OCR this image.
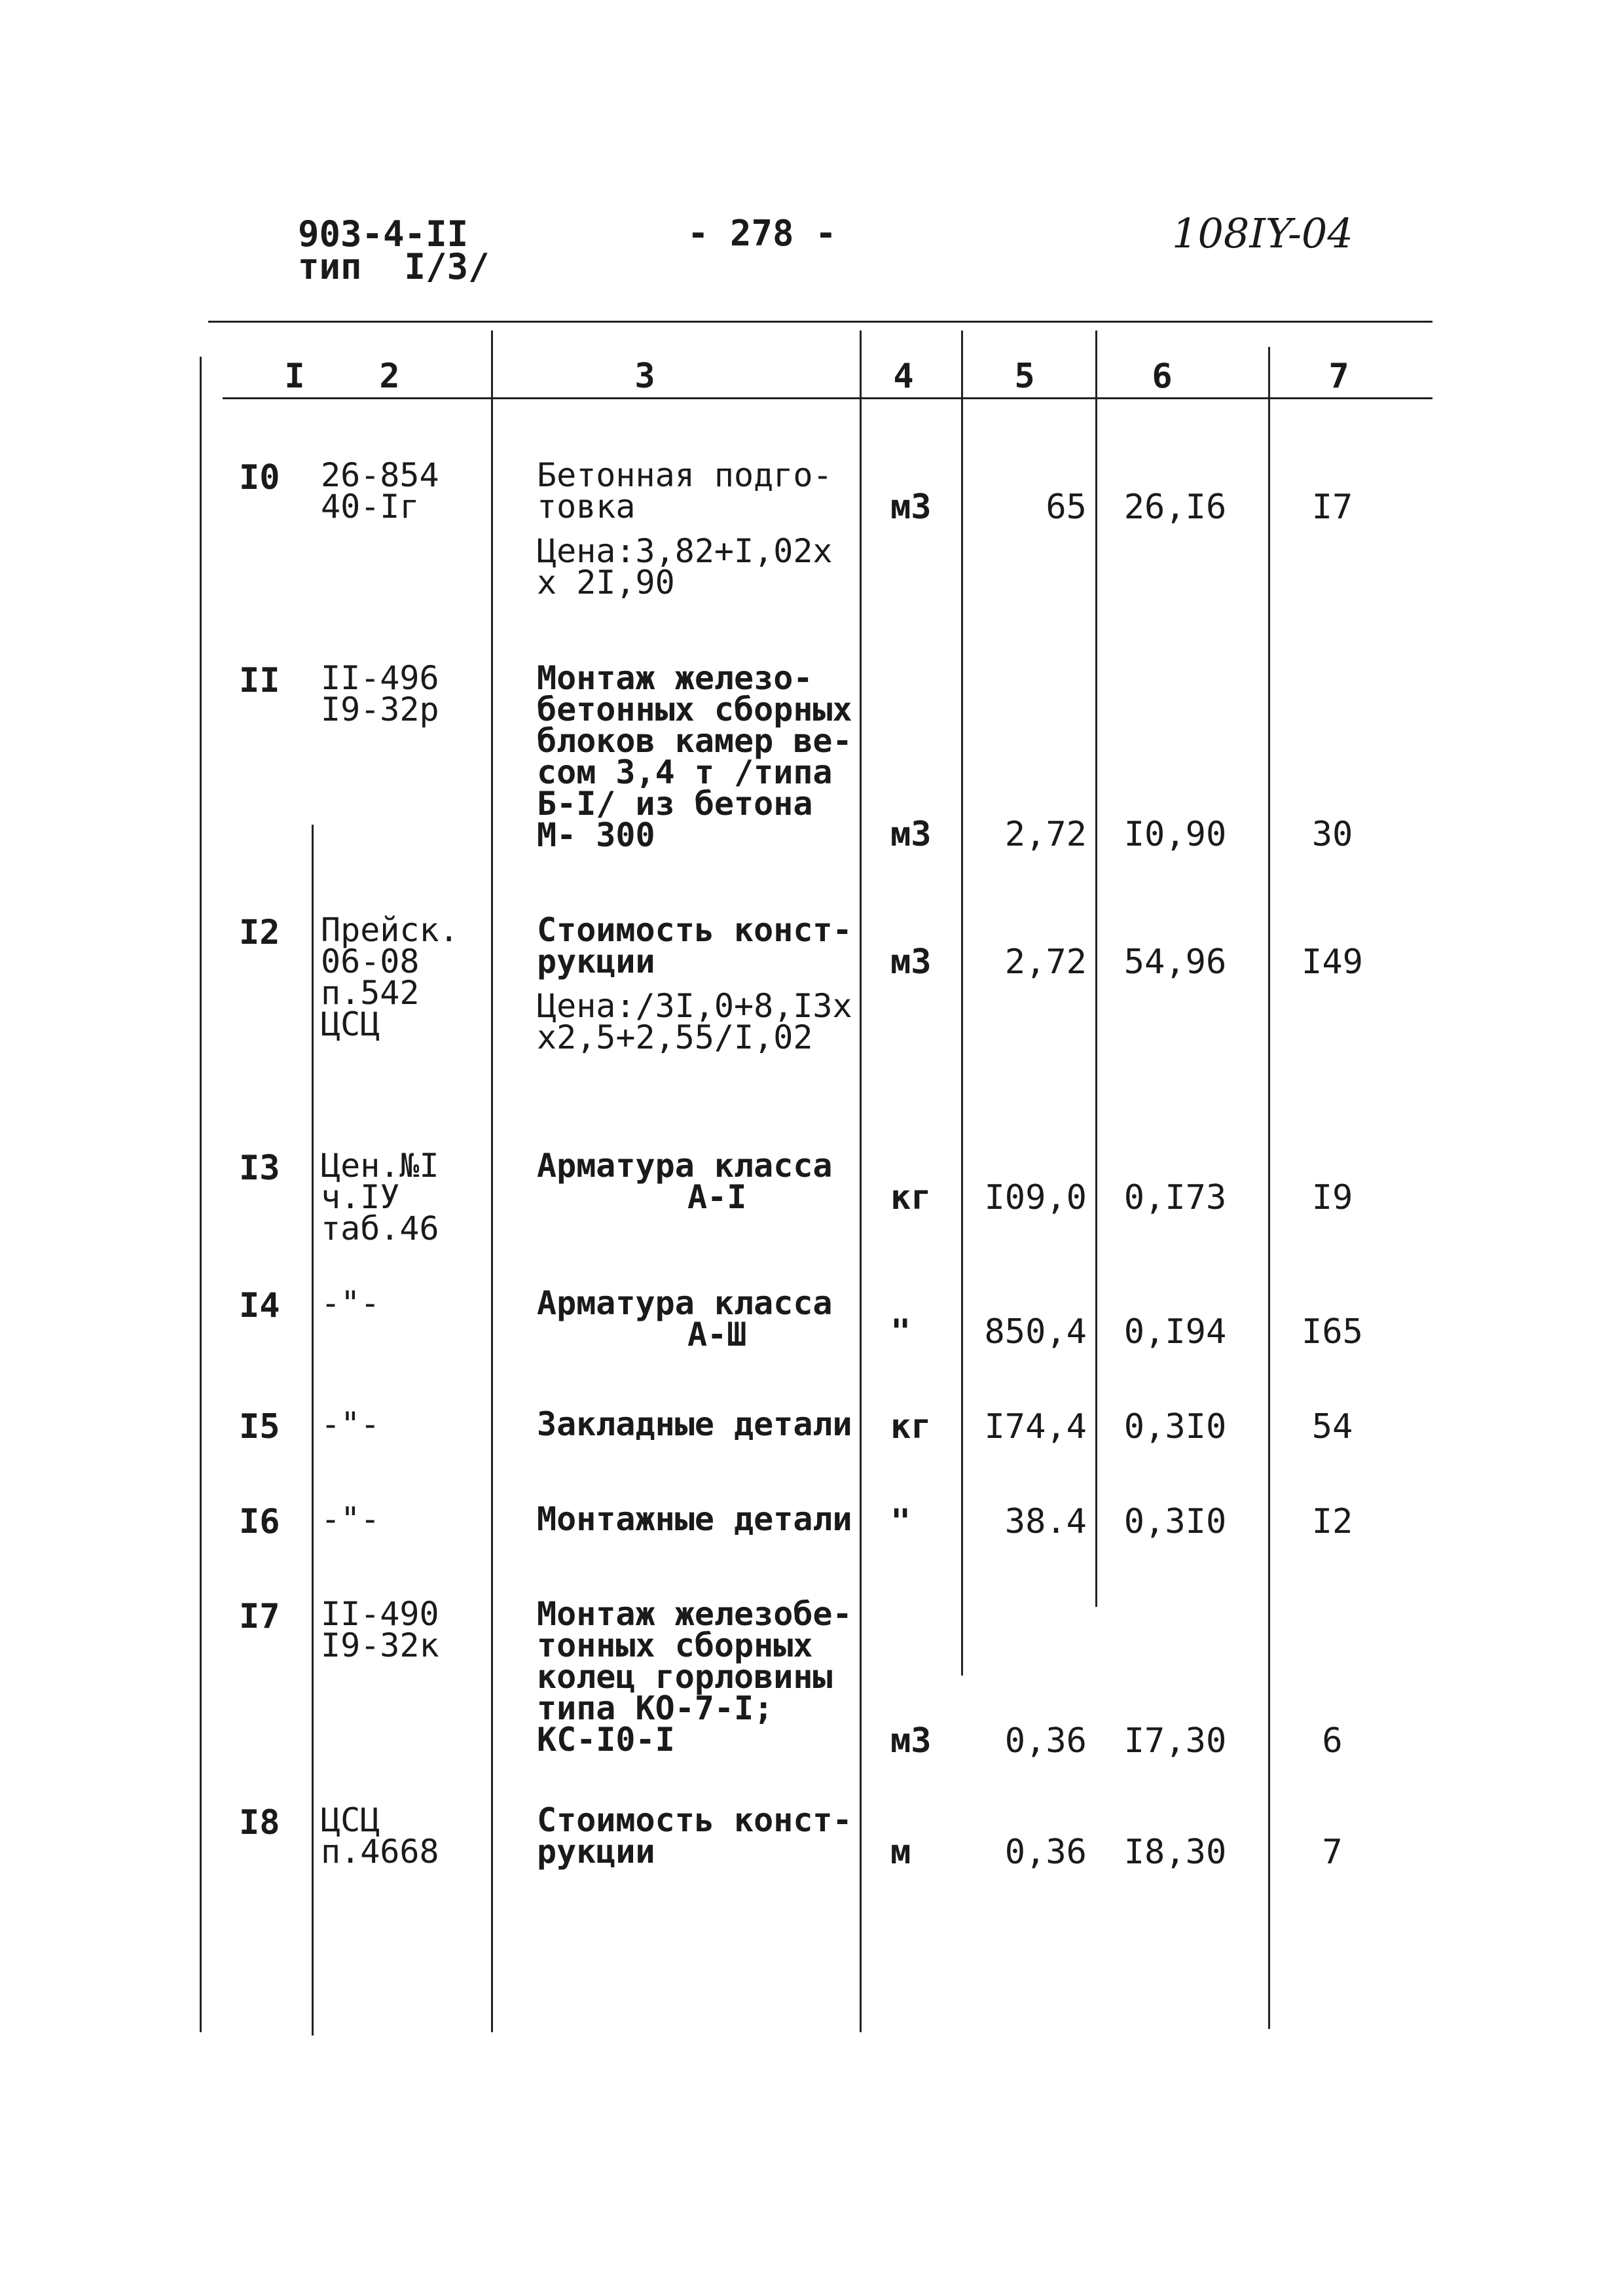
903-4-II
тип  I/3/
- 278 -	108IY-04
I 2	3	4	5	6	7
I0 26-854
40-Iг
Бетонная подго-
товка
Цена:3,82+I,02х
х 2I,90
м3	65	26,I6	I7
II II-496
I9-32р
Монтаж железо-
бетонных сборных
блоков камер ве-
сом 3,4 т /типа
Б-I/ из бетона
М- 300	м3	2,72	I0,90	30
I2 Прейск.
06-08
п.542
ЦСЦ
Стоимость конст-
рукции
Цена:/3I,0+8,I3х
х2,5+2,55/I,02
м3	2,72	54,96	I49
I3 Цен.№I
ч.IУ
таб.46
Арматура класса
A-I	кг	I09,0	0,I73	I9
I4 -"-	Арматура класса
A-Ш	"	850,4	0,I94	I65
I5 -"-	Закладные детали кг	I74,4	0,3I0	54
I6 -"-	Монтажные детали "	38.4	0,3I0	I2
I7 II-490
I9-32к
Монтаж железобе-
тонных сборных
колец горловины
типа КО-7-I;
КС-I0-I	м3	0,36	I7,30	6
I8 ЦСЦ
п.4668
Стоимость конст-
рукции	м	0,36	I8,30	7
